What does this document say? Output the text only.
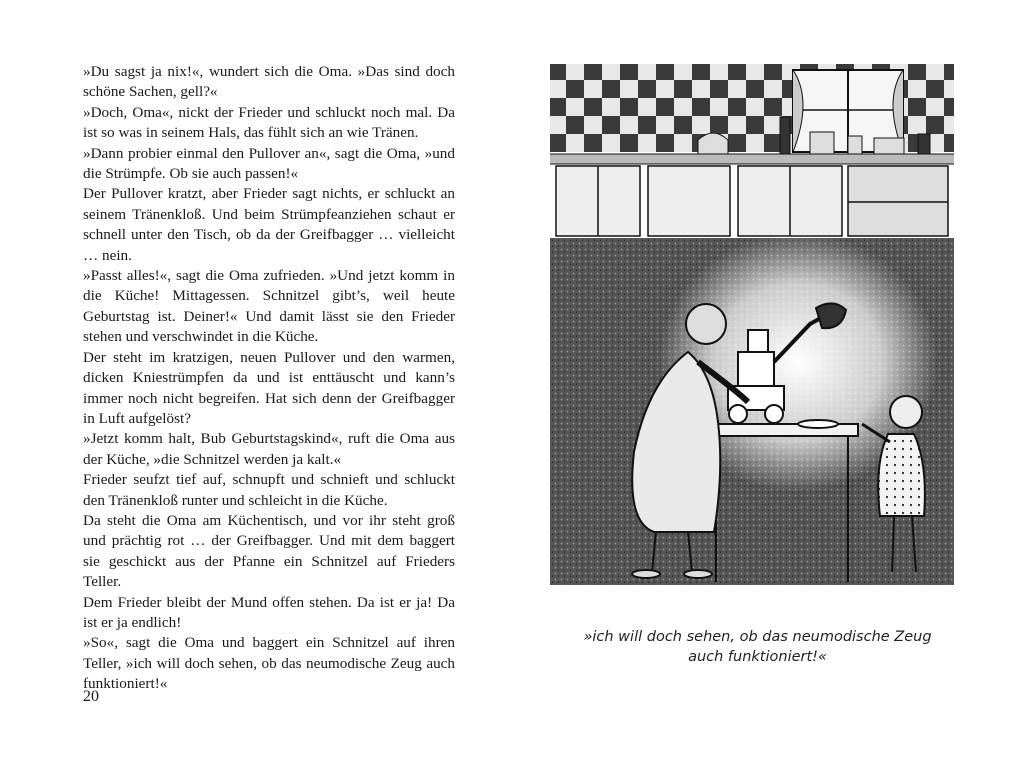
»Du sagst ja nix!«, wundert sich die Oma. »Das sind doch schöne Sachen, gell?«

»Doch, Oma«, nickt der Frieder und schluckt noch mal. Da ist so was in seinem Hals, das fühlt sich an wie Tränen.

»Dann probier einmal den Pullover an«, sagt die Oma, »und die Strümpfe. Ob sie auch passen!«

Der Pullover kratzt, aber Frieder sagt nichts, er schluckt an seinem Tränenkloß. Und beim Strümpfeanziehen schaut er schnell unter den Tisch, ob da der Greifbagger … vielleicht … nein.

»Passt alles!«, sagt die Oma zufrieden. »Und jetzt komm in die Küche! Mittagessen. Schnitzel gibt’s, weil heute Geburtstag ist. Deiner!« Und damit lässt sie den Frieder stehen und verschwindet in die Küche.

Der steht im kratzigen, neuen Pullover und den warmen, dicken Kniestrümpfen da und ist enttäuscht und kann’s immer noch nicht begreifen. Hat sich denn der Greifbagger in Luft aufgelöst?

»Jetzt komm halt, Bub Geburtstagskind«, ruft die Oma aus der Küche, »die Schnitzel werden ja kalt.«

Frieder seufzt tief auf, schnupft und schnieft und schluckt den Tränenkloß runter und schleicht in die Küche.

Da steht die Oma am Küchentisch, und vor ihr steht groß und prächtig rot … der Greifbagger. Und mit dem baggert sie geschickt aus der Pfanne ein Schnitzel auf Frieders Teller.

Dem Frieder bleibt der Mund offen stehen. Da ist er ja! Da ist er ja endlich!

»So«, sagt die Oma und baggert ein Schnitzel auf ihren Teller, »ich will doch sehen, ob das neumodische Zeug auch funktioniert!«

20
»ich will doch sehen, ob das neumodische Zeug
auch funktioniert!«
